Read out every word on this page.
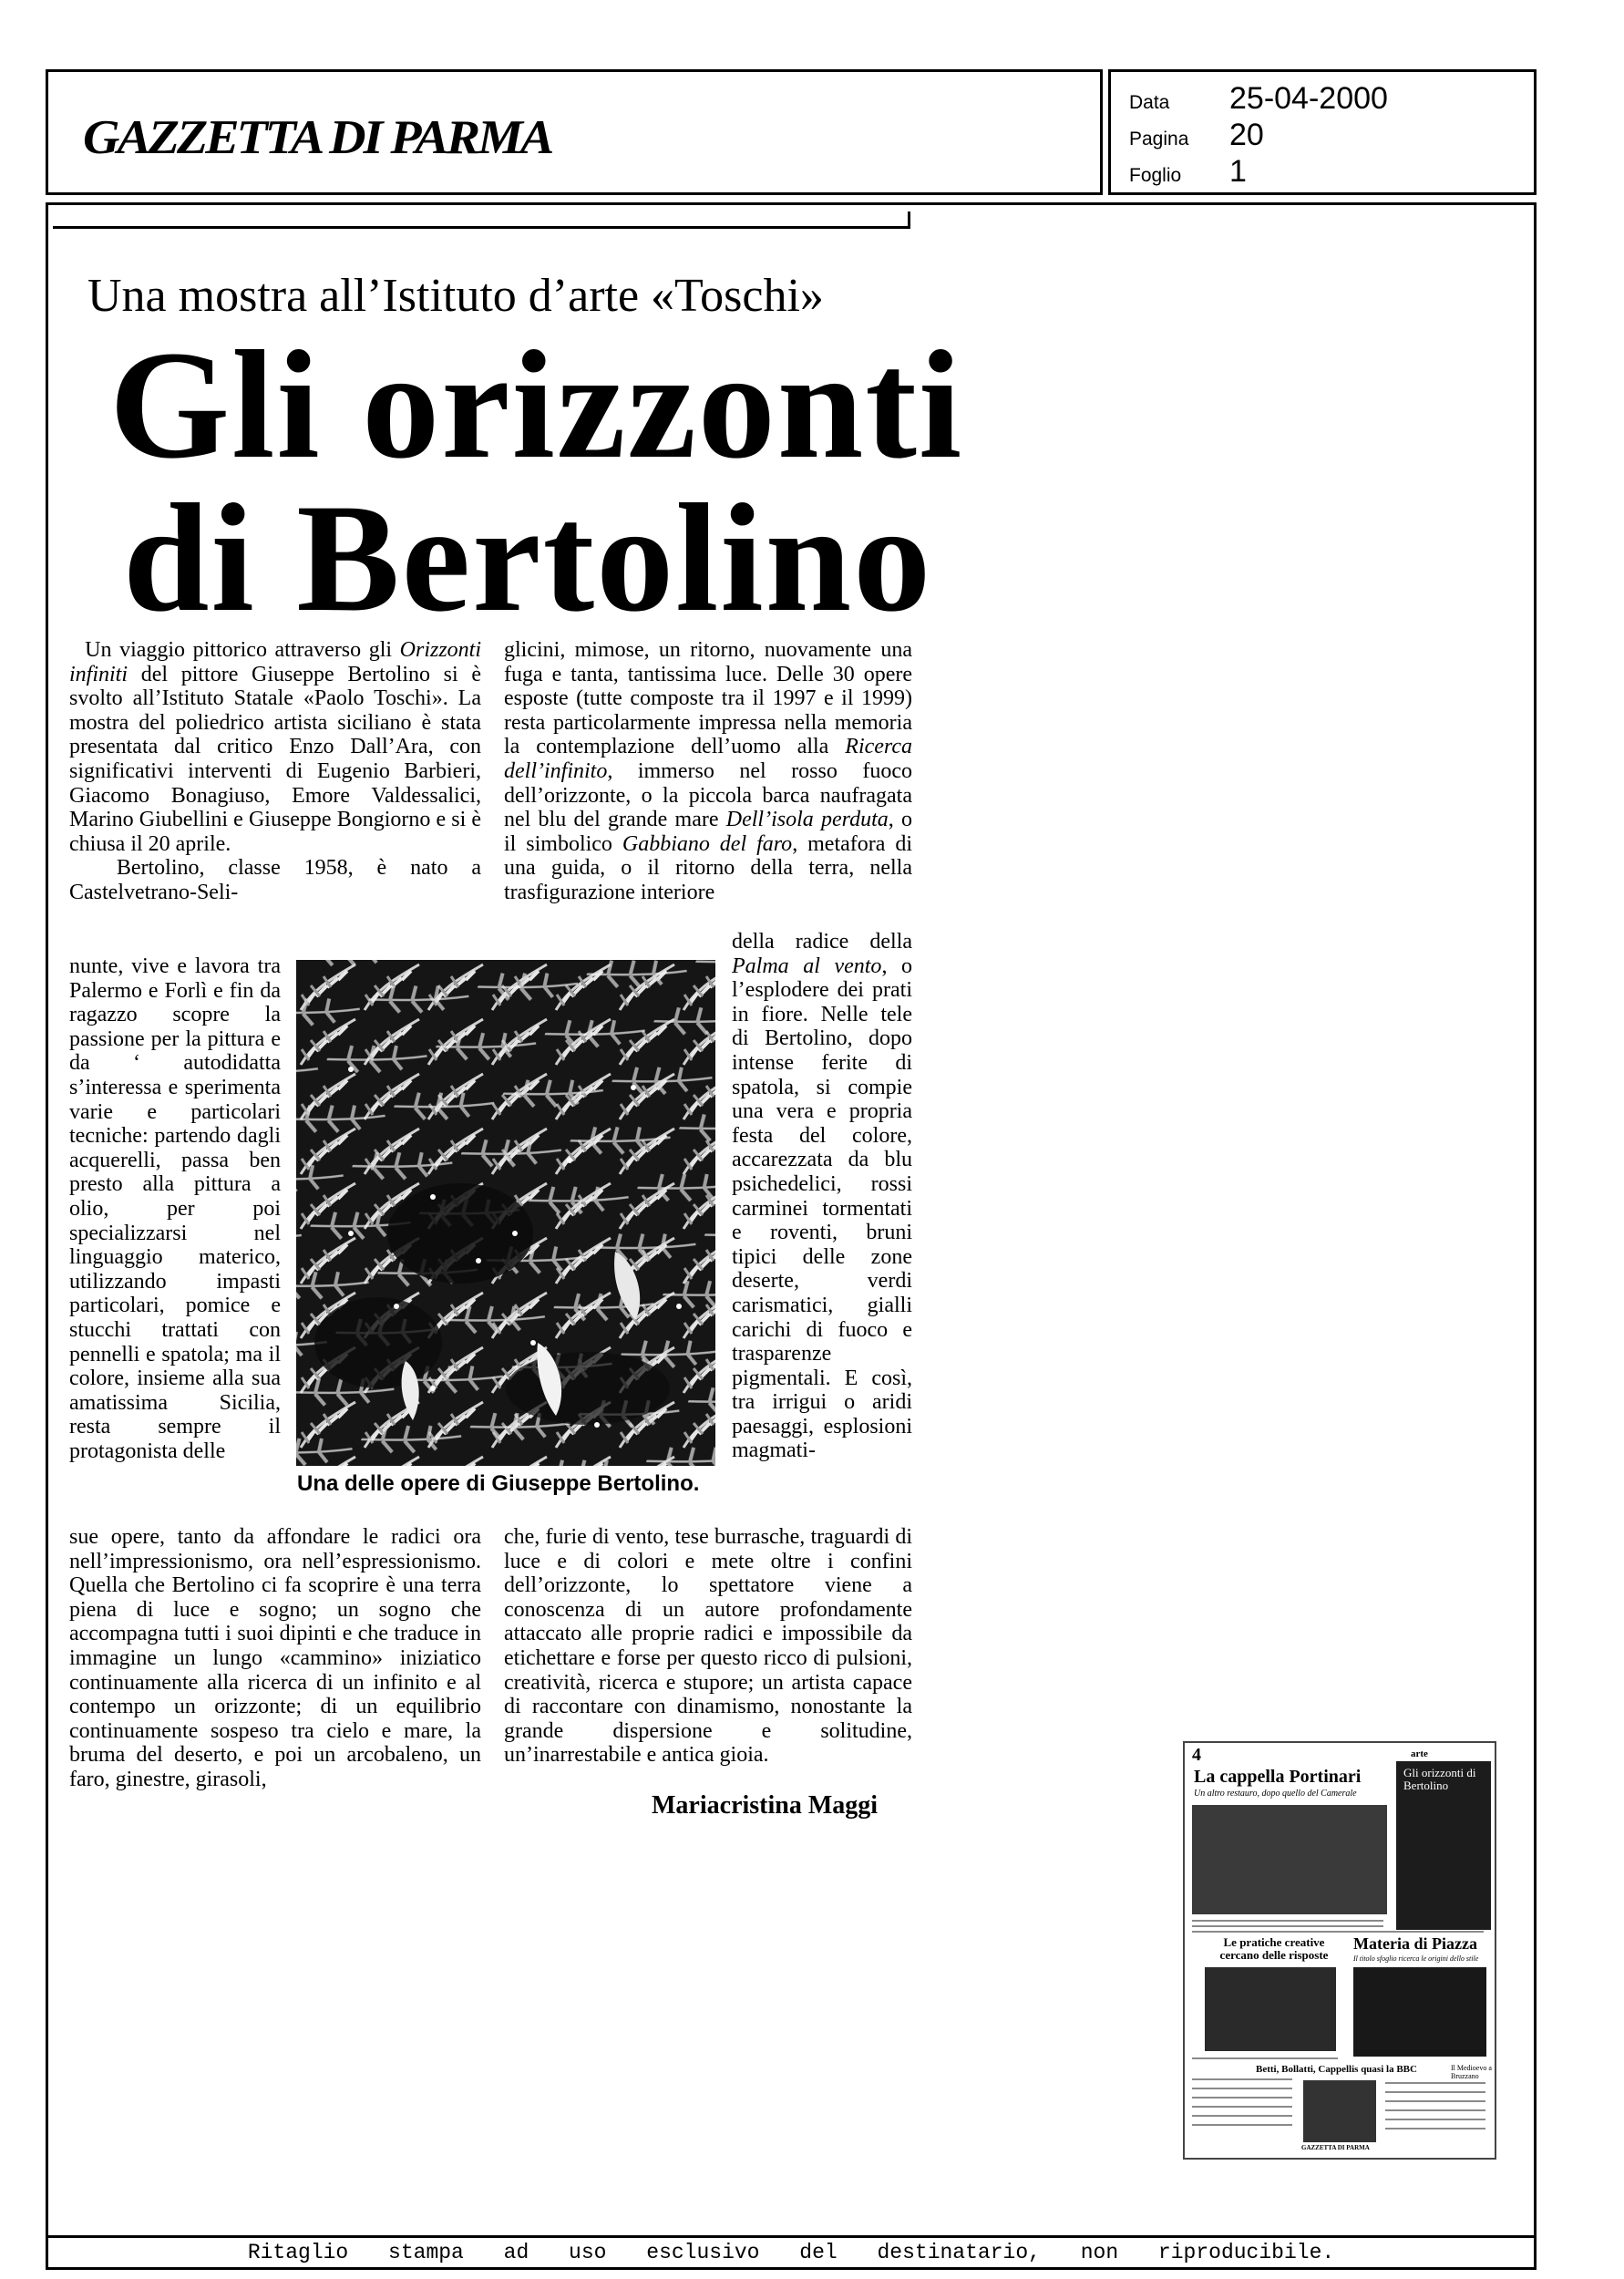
GAZZETTA DI PARMA
Data 25-04-2000
Pagina 20
Foglio 1
Una mostra all’Istituto d’arte «Toschi»
Gli orizzonti
di Bertolino

Un viaggio pittorico attraverso gli Orizzonti infiniti del pittore Giuseppe Bertolino si è svolto all’Istituto Statale «Paolo Toschi». La mostra del poliedrico artista siciliano è stata presentata dal critico Enzo Dall’Ara, con significativi interventi di Eugenio Barbieri, Giacomo Bonagiuso, Emore Valdessalici, Marino Giubellini e Giuseppe Bongiorno e si è chiusa il 20 aprile.

Bertolino, classe 1958, è nato a Castelvetrano-Seli-

nunte, vive e lavora tra Palermo e Forlì e fin da ragazzo scopre la passione per la pittura e da ‘ autodidatta s’interessa e sperimenta varie e particolari tecniche: partendo dagli acquerelli, passa ben presto alla pittura a olio, per poi specializzarsi nel linguaggio materico, utilizzando impasti particolari, pomice e stucchi trattati con pennelli e spatola; ma il colore, insieme alla sua amatissima Sicilia, resta sempre il protagonista delle

sue opere, tanto da affondare le radici ora nell’impressionismo, ora nell’espressionismo. Quella che Bertolino ci fa scoprire è una terra piena di luce e sogno; un sogno che accompagna tutti i suoi dipinti e che traduce in immagine un lungo «cammino» iniziatico continuamente alla ricerca di un infinito e al contempo un orizzonte; di un equilibrio continuamente sospeso tra cielo e mare, la bruma del deserto, e poi un arcobaleno, un faro, ginestre, girasoli,

glicini, mimose, un ritorno, nuovamente una fuga e tanta, tantissima luce. Delle 30 opere esposte (tutte composte tra il 1997 e il 1999) resta particolarmente impressa nella memoria la contemplazione dell’uomo alla Ricerca dell’infinito, immerso nel rosso fuoco dell’orizzonte, o la piccola barca naufragata nel blu del grande mare Dell’isola perduta, o il simbolico Gabbiano del faro, metafora di una guida, o il ritorno della terra, nella trasfigurazione interiore

della radice della Palma al vento, o l’esplodere dei prati in fiore. Nelle tele di Bertolino, dopo intense ferite di spatola, si compie una vera e propria festa del colore, accarezzata da blu psichedelici, rossi carminei tormentati e roventi, bruni tipici delle zone deserte, verdi carismatici, gialli carichi di fuoco e trasparenze pigmentali. E così, tra irrigui o aridi paesaggi, esplosioni magmati-

che, furie di vento, tese burrasche, traguardi di luce e di colori e mete oltre i confini dell’orizzonte, lo spettatore viene a conoscenza di un autore profondamente attaccato alle proprie radici e impossibile da etichettare e forse per questo ricco di pulsioni, creatività, ricerca e stupore; un artista capace di raccontare con dinamismo, nonostante la grande dispersione e solitudine, un’inarrestabile e antica gioia.

Mariacristina Maggi
Una delle opere di Giuseppe Bertolino.
4	arte
La cappella Portinari
Un altro restauro, dopo quello del Camerale
Gli orizzonti di Bertolino
Le pratiche creative cercano delle risposte
Materia di Piazza
Il titolo sfoglio ricerca le origini dello stile
Betti, Bollatti, Cappellis quasi la BBC	Il Medioevo a Bruzzano
GAZZETTA DI PARMA
Ritaglio stampa ad uso esclusivo del destinatario, non riproducibile.
